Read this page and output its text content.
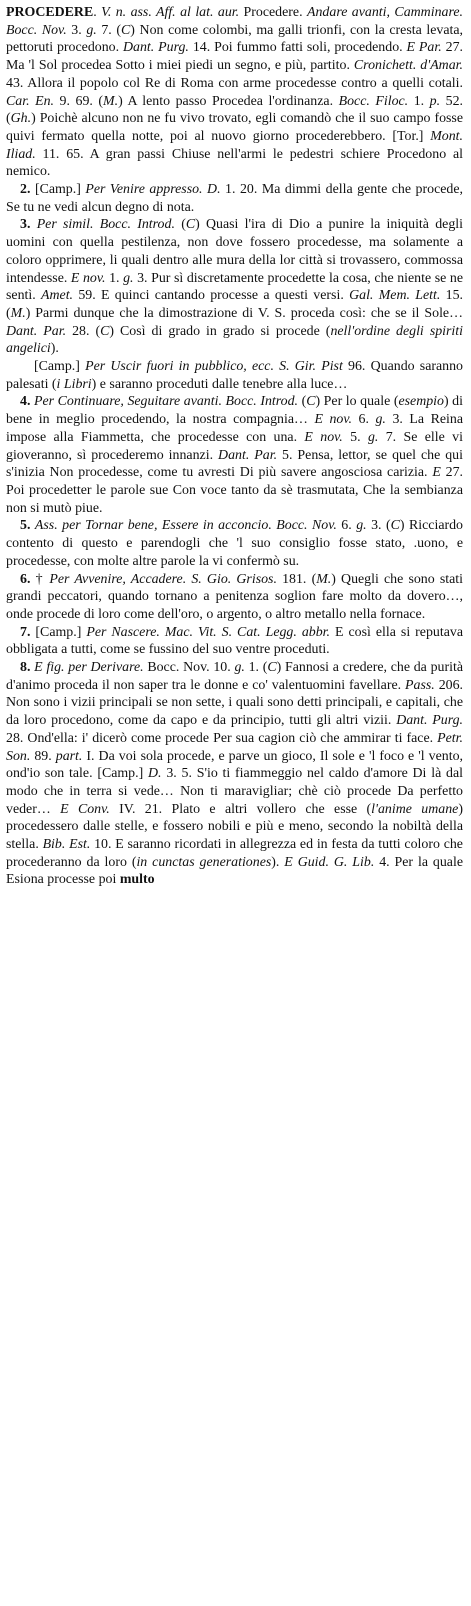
PROCEDERE. V. n. ass. Aff. al lat. aur. Procedere. Andare avanti, Camminare. Bocc. Nov. 3. g. 7. (C) Non come colombi, ma galli trionfi, con la cresta levata, pettoruti procedono. Dant. Purg. 14. Poi fummo fatti soli, procedendo. E Par. 27. Ma 'l Sol procedea Sotto i miei piedi un segno, e più, partito. Cronichett. d'Amar. 43. Allora il popolo col Re di Roma con arme procedesse contro a quelli cotali. Car. En. 9. 69. (M.) A lento passo Procedea l'ordinanza. Bocc. Filoc. 1. p. 52. (Gh.) Poichè alcuno non ne fu vivo trovato, egli comandò che il suo campo fosse quivi fermato quella notte, poi al nuovo giorno procederebbero. [Tor.] Mont. Iliad. 11. 65. A gran passi Chiuse nell'armi le pedestri schiere Procedono al nemico.

2. [Camp.] Per Venire appresso. D. 1. 20. Ma dimmi della gente che procede, Se tu ne vedi alcun degno di nota.

3. Per simil. Bocc. Introd. (C) Quasi l'ira di Dio a punire la iniquità degli uomini con quella pestilenza, non dove fossero procedesse, ma solamente a coloro opprimere, li quali dentro alle mura della lor città si trovassero, commossa intendesse. E nov. 1. g. 3. Pur sì discretamente procedette la cosa, che niente se ne sentì. Amet. 59. E quinci cantando processe a questi versi. Gal. Mem. Lett. 15. (M.) Parmi dunque che la dimostrazione di V. S. proceda così: che se il Sole… Dant. Par. 28. (C) Così di grado in grado si procede (nell'ordine degli spiriti angelici).

[Camp.] Per Uscir fuori in pubblico, ecc. S. Gir. Pist 96. Quando saranno palesati (i Libri) e saranno proceduti dalle tenebre alla luce…

4. Per Continuare, Seguitare avanti. Bocc. Introd. (C) Per lo quale (esempio) di bene in meglio procedendo, la nostra compagnia… E nov. 6. g. 3. La Reina impose alla Fiammetta, che procedesse con una. E nov. 5. g. 7. Se elle vi gioveranno, sì procederemo innanzi. Dant. Par. 5. Pensa, lettor, se quel che qui s'inizia Non procedesse, come tu avresti Di più savere angosciosa carizia. E 27. Poi procedetter le parole sue Con voce tanto da sè trasmutata, Che la sembianza non si mutò piue.

5. Ass. per Tornar bene, Essere in acconcio. Bocc. Nov. 6. g. 3. (C) Ricciardo contento di questo e parendogli che 'l suo consiglio fosse stato, .uono, e procedesse, con molte altre parole la vi confermò su.

6. † Per Avvenire, Accadere. S. Gio. Grisos. 181. (M.) Quegli che sono stati grandi peccatori, quando tornano a penitenza soglion fare molto da dovero…, onde procede di loro come dell'oro, o argento, o altro metallo nella fornace.

7. [Camp.] Per Nascere. Mac. Vit. S. Cat. Legg. abbr. E così ella si reputava obbligata a tutti, come se fussino del suo ventre proceduti.

8. E fig. per Derivare. Bocc. Nov. 10. g. 1. (C) Fannosi a credere, che da purità d'animo proceda il non saper tra le donne e co' valentuomini favellare. Pass. 206. Non sono i vizii principali se non sette, i quali sono detti principali, e capitali, che da loro procedono, come da capo e da principio, tutti gli altri vizii. Dant. Purg. 28. Ond'ella: i' dicerò come procede Per sua cagion ciò che ammirar ti face. Petr. Son. 89. part. I. Da voi sola procede, e parve un gioco, Il sole e 'l foco e 'l vento, ond'io son tale. [Camp.] D. 3. 5. S'io ti fiammeggio nel caldo d'amore Di là dal modo che in terra si vede… Non ti maravigliar; chè ciò procede Da perfetto veder… E Conv. IV. 21. Plato e altri vollero che esse (l'anime umane) procedessero dalle stelle, e fossero nobili e più e meno, secondo la nobiltà della stella. Bib. Est. 10. E saranno ricordati in allegrezza ed in festa da tutti coloro che procederanno da loro (in cunctas generationes). E Guid. G. Lib. 4. Per la quale Esiona processe poi multo
